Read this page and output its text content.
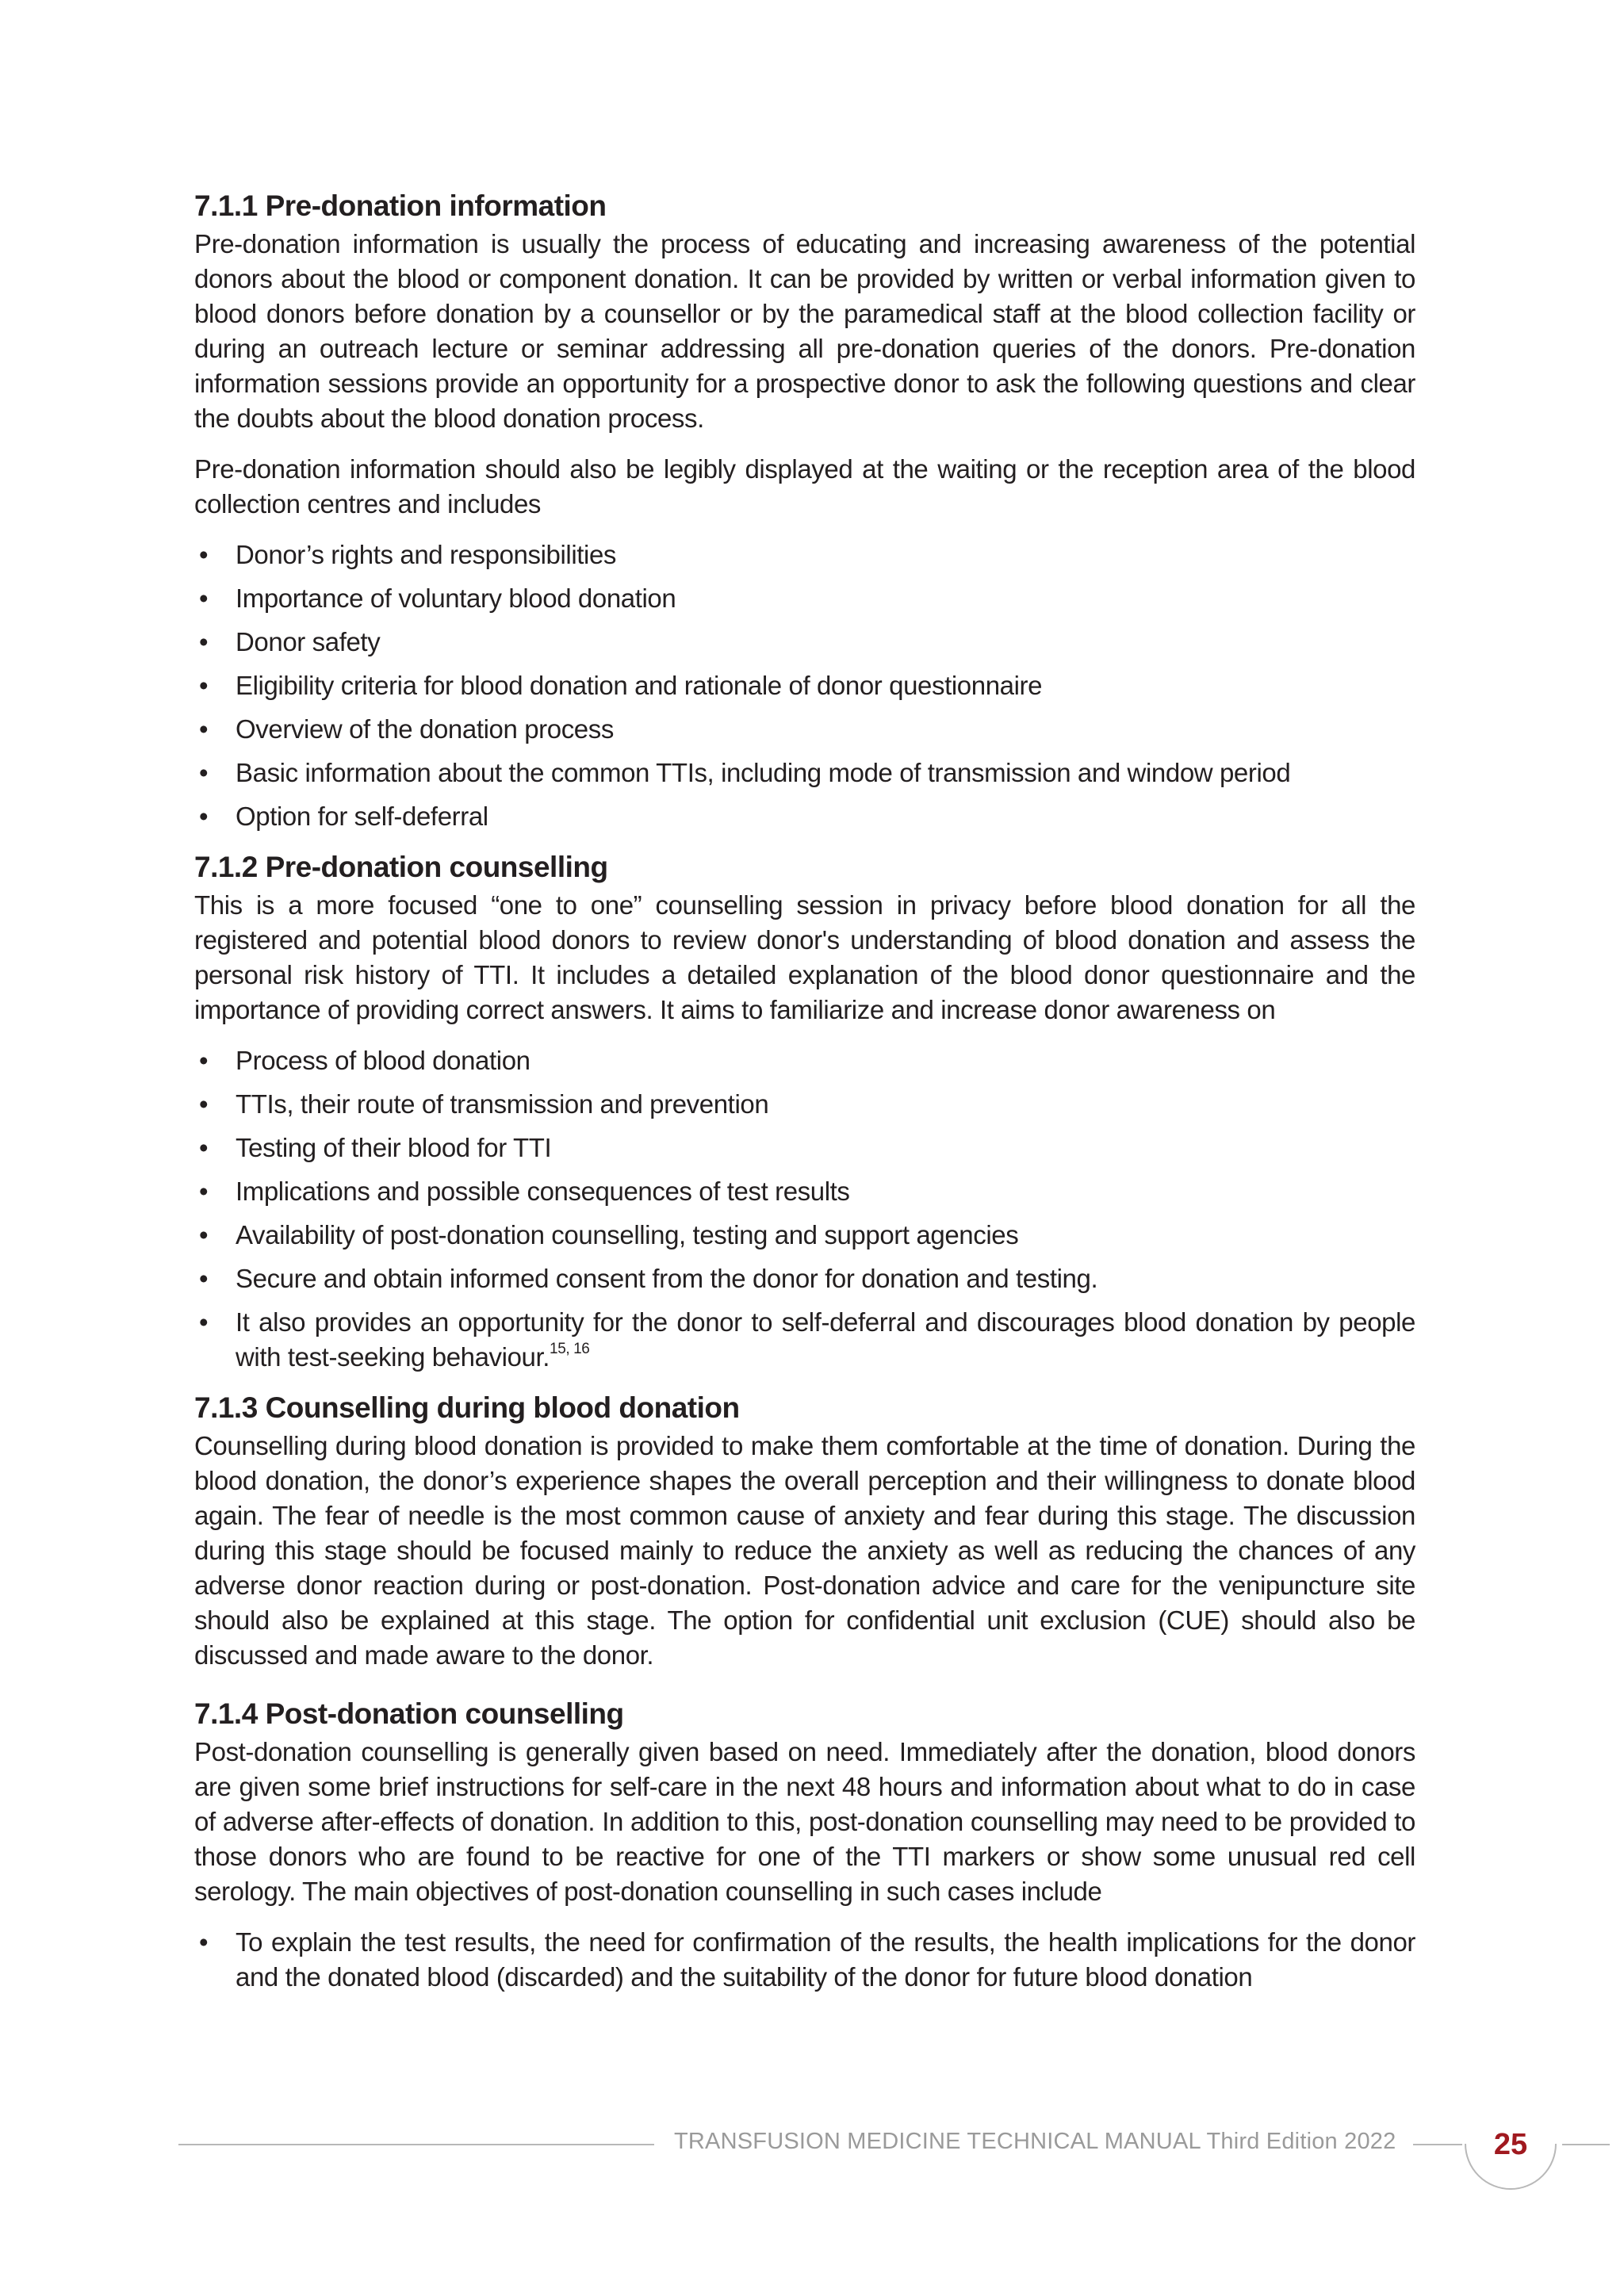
7.1.1 Pre-donation information

Pre-donation information is usually the process of educating and increasing awareness of the potential donors about the blood or component donation. It can be provided by written or verbal information given to blood donors before donation by a counsellor or by the paramedical staff at the blood collection facility or during an outreach lecture or seminar addressing all pre-donation queries of the donors. Pre-donation information sessions provide an opportunity for a prospective donor to ask the following questions and clear the doubts about the blood donation process.

Pre-donation information should also be legibly displayed at the waiting or the reception area of the blood collection centres and includes

• Donor’s rights and responsibilities
• Importance of voluntary blood donation
• Donor safety
• Eligibility criteria for blood donation and rationale of donor questionnaire
• Overview of the donation process
• Basic information about the common TTIs, including mode of transmission and window period
• Option for self-deferral
7.1.2 Pre-donation counselling

This is a more focused “one to one” counselling session in privacy before blood donation for all the registered and potential blood donors to review donor's understanding of blood donation and assess the personal risk history of TTI. It includes a detailed explanation of the blood donor questionnaire and the importance of providing correct answers. It aims to familiarize and increase donor awareness on

• Process of blood donation
• TTIs, their route of transmission and prevention
• Testing of their blood for TTI
• Implications and possible consequences of test results
• Availability of post-donation counselling, testing and support agencies
• Secure and obtain informed consent from the donor for donation and testing.
• It also provides an opportunity for the donor to self-deferral and discourages blood donation by people with test-seeking behaviour.$^{15, 16}$
7.1.3 Counselling during blood donation

Counselling during blood donation is provided to make them comfortable at the time of donation. During the blood donation, the donor’s experience shapes the overall perception and their willingness to donate blood again. The fear of needle is the most common cause of anxiety and fear during this stage. The discussion during this stage should be focused mainly to reduce the anxiety as well as reducing the chances of any adverse donor reaction during or post-donation. Post-donation advice and care for the venipuncture site should also be explained at this stage. The option for confidential unit exclusion (CUE) should also be discussed and made aware to the donor.

7.1.4 Post-donation counselling

Post-donation counselling is generally given based on need. Immediately after the donation, blood donors are given some brief instructions for self-care in the next 48 hours and information about what to do in case of adverse after-effects of donation. In addition to this, post-donation counselling may need to be provided to those donors who are found to be reactive for one of the TTI markers or show some unusual red cell serology. The main objectives of post-donation counselling in such cases include

• To explain the test results, the need for confirmation of the results, the health implications for the donor and the donated blood (discarded) and the suitability of the donor for future blood donation
TRANSFUSION MEDICINE TECHNICAL MANUAL Third Edition 2022	25
